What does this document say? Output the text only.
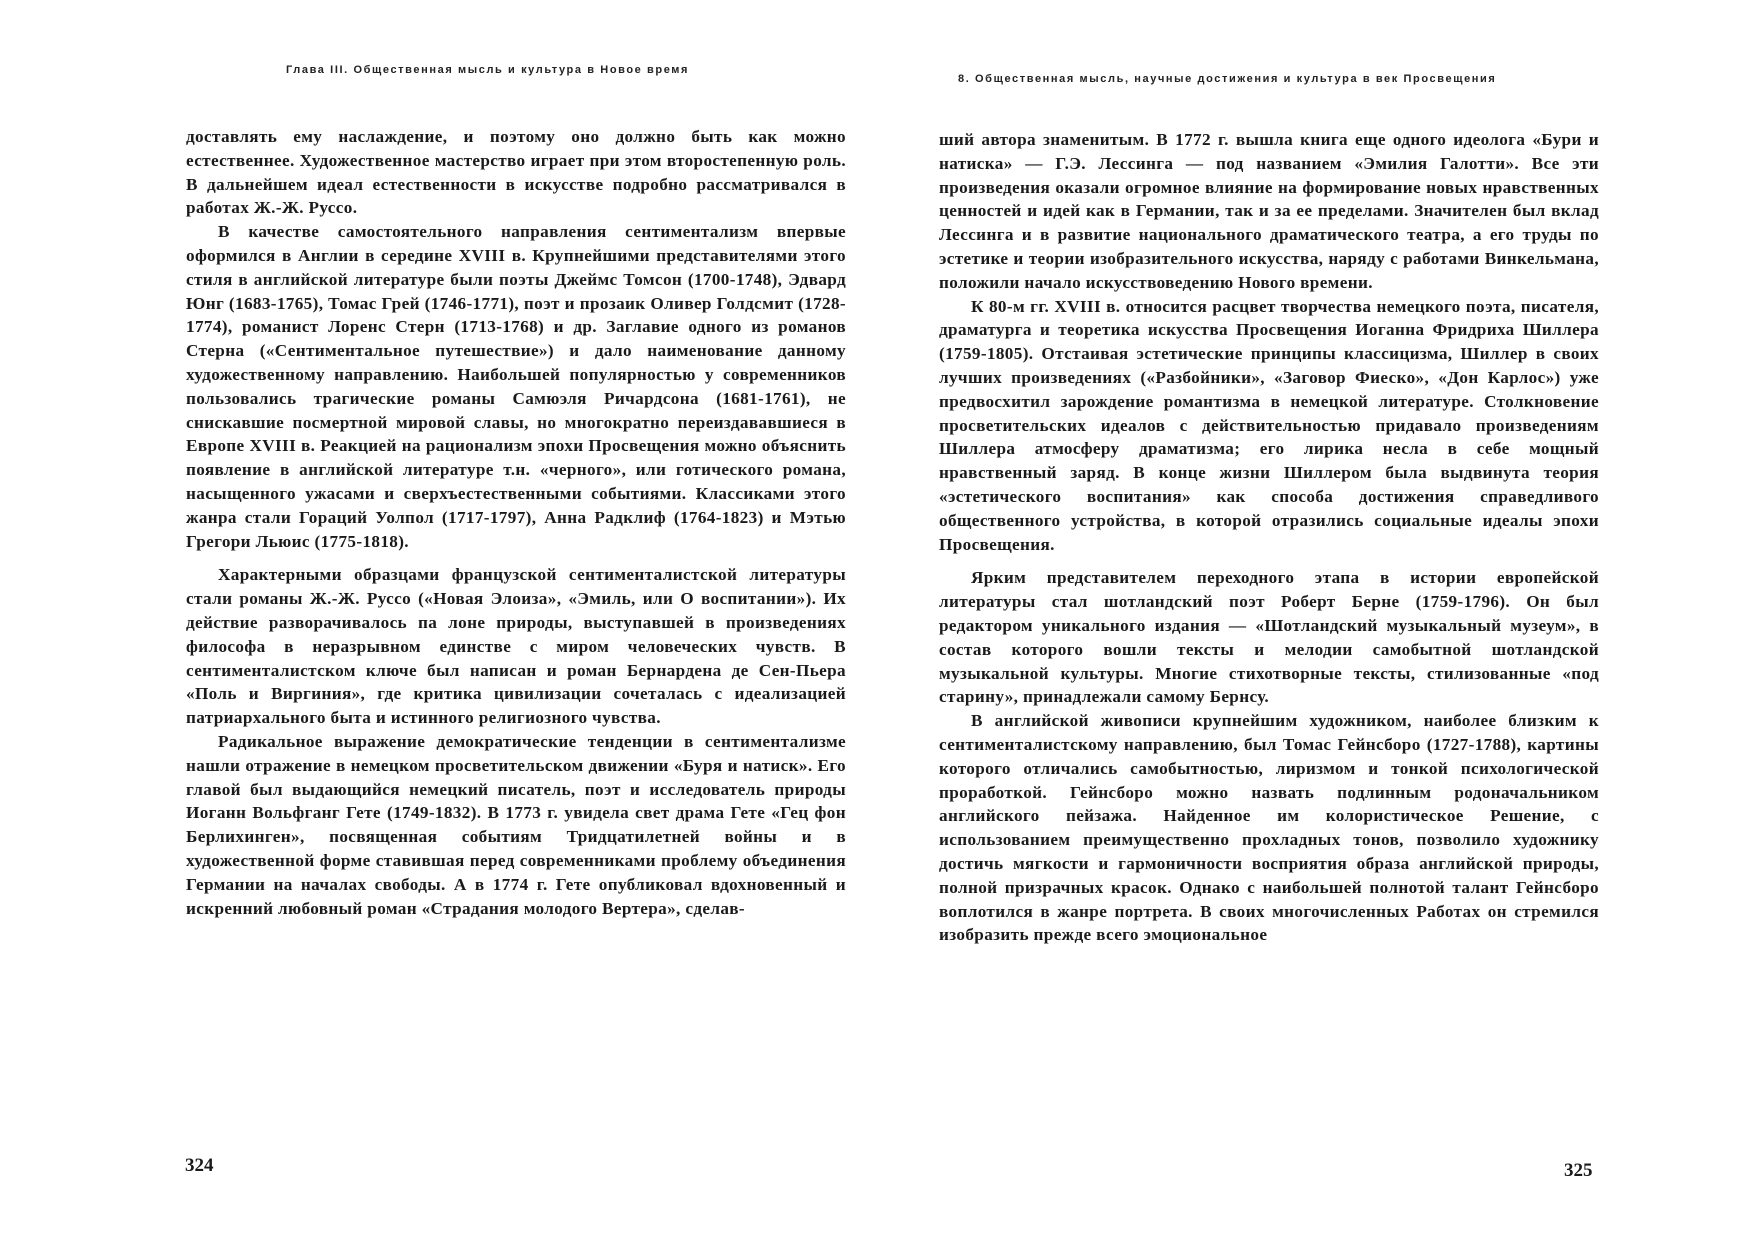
Глава III. Общественная мысль и культура в Новое время

доставлять ему наслаждение, и поэтому оно должно быть как можно естественнее. Художественное мастерство играет при этом второстепенную роль. В дальнейшем идеал естественности в искусстве подробно рассматривался в работах Ж.-Ж. Руссо.

В качестве самостоятельного направления сентиментализм впервые оформился в Англии в середине XVIII в. Крупнейшими представителями этого стиля в английской литературе были поэты Джеймс Томсон (1700-1748), Эдвард Юнг (1683-1765), Томас Грей (1746-1771), поэт и прозаик Оливер Голдсмит (1728-1774), романист Лоренс Стерн (1713-1768) и др. Заглавие одного из романов Стерна («Сентиментальное путешествие») и дало наименование данному художественному направлению. Наибольшей популярностью у современников пользовались трагические романы Самюэля Ричардсона (1681-1761), не снискавшие посмертной мировой славы, но многократно переиздававшиеся в Европе XVIII в. Реакцией на рационализм эпохи Просвещения можно объяснить появление в английской литературе т.н. «черного», или готического романа, насыщенного ужасами и сверхъестественными событиями. Классиками этого жанра стали Гораций Уолпол (1717-1797), Анна Радклиф (1764-1823) и Мэтью Грегори Льюис (1775-1818).

Характерными образцами французской сентименталистской литературы стали романы Ж.-Ж. Руссо («Новая Элоиза», «Эмиль, или О воспитании»). Их действие разворачивалось па лоне природы, выступавшей в произведениях философа в неразрывном единстве с миром человеческих чувств. В сентименталистском ключе был написан и роман Бернардена де Сен-Пьера «Поль и Виргиния», где критика цивилизации сочеталась с идеализацией патриархального быта и истинного религиозного чувства.

Радикальное выражение демократические тенденции в сентиментализме нашли отражение в немецком просветительском движении «Буря и натиск». Его главой был выдающийся немецкий писатель, поэт и исследователь природы Иоганн Вольфганг Гете (1749-1832). В 1773 г. увидела свет драма Гете «Гец фон Берлихинген», посвященная событиям Тридцатилетней войны и в художественной форме ставившая перед современниками проблему объединения Германии на началах свободы. А в 1774 г. Гете опубликовал вдохновенный и искренний любовный роман «Страдания молодого Вертера», сделав-

324
8. Общественная мысль, научные достижения и культура в век Просвещения

ший автора знаменитым. В 1772 г. вышла книга еще одного идеолога «Бури и натиска» — Г.Э. Лессинга — под названием «Эмилия Галотти». Все эти произведения оказали огромное влияние на формирование новых нравственных ценностей и идей как в Германии, так и за ее пределами. Значителен был вклад Лессинга и в развитие национального драматического театра, а его труды по эстетике и теории изобразительного искусства, наряду с работами Винкельмана, положили начало искусствоведению Нового времени.

К 80-м гг. XVIII в. относится расцвет творчества немецкого поэта, писателя, драматурга и теоретика искусства Просвещения Иоганна Фридриха Шиллера (1759-1805). Отстаивая эстетические принципы классицизма, Шиллер в своих лучших произведениях («Разбойники», «Заговор Фиеско», «Дон Карлос») уже предвосхитил зарождение романтизма в немецкой литературе. Столкновение просветительских идеалов с действительностью придавало произведениям Шиллера атмосферу драматизма; его лирика несла в себе мощный нравственный заряд. В конце жизни Шиллером была выдвинута теория «эстетического воспитания» как способа достижения справедливого общественного устройства, в которой отразились социальные идеалы эпохи Просвещения.

Ярким представителем переходного этапа в истории европейской литературы стал шотландский поэт Роберт Берне (1759-1796). Он был редактором уникального издания — «Шотландский музыкальный музеум», в состав которого вошли тексты и мелодии самобытной шотландской музыкальной культуры. Многие стихотворные тексты, стилизованные «под старину», принадлежали самому Бернсу.

В английской живописи крупнейшим художником, наиболее близким к сентименталистскому направлению, был Томас Гейнсборо (1727-1788), картины которого отличались самобытностью, лиризмом и тонкой психологической проработкой. Гейнсборо можно назвать подлинным родоначальником английского пейзажа. Найденное им колористическое Решение, с использованием преимущественно прохладных тонов, позволило художнику достичь мягкости и гармоничности восприятия образа английской природы, полной призрачных красок. Однако с наибольшей полнотой талант Гейнсборо воплотился в жанре портрета. В своих многочисленных Работах он стремился изобразить прежде всего эмоциональное

325
